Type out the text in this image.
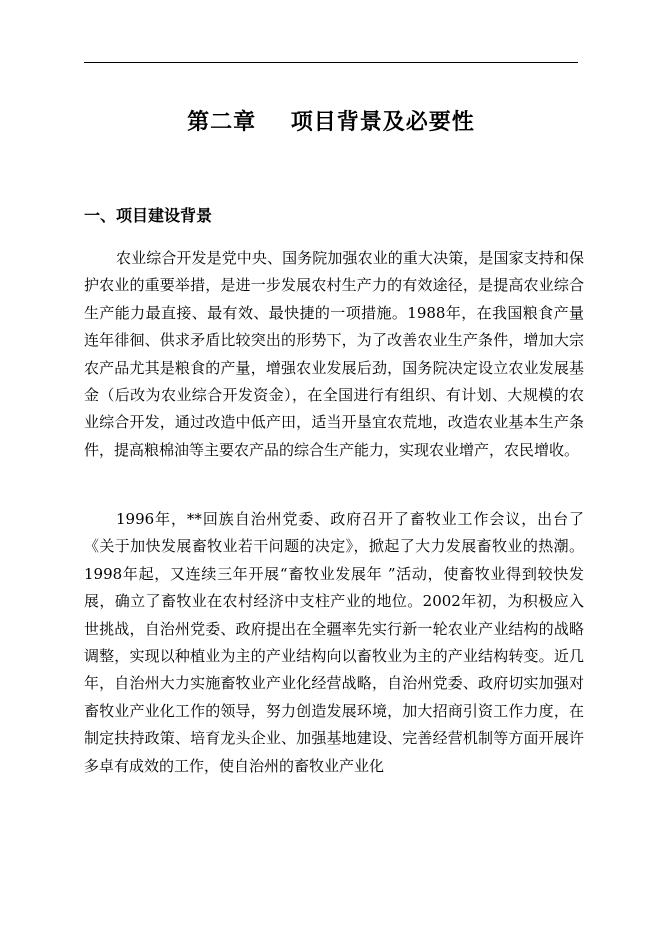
第二章    项目背景及必要性
一、项目建设背景

农业综合开发是党中央、国务院加强农业的重大决策，是国家支持和保护农业的重要举措，是进一步发展农村生产力的有效途径，是提高农业综合生产能力最直接、最有效、最快捷的一项措施。1988年，在我国粮食产量连年徘徊、供求矛盾比较突出的形势下，为了改善农业生产条件，增加大宗农产品尤其是粮食的产量，增强农业发展后劲，国务院决定设立农业发展基金（后改为农业综合开发资金），在全国进行有组织、有计划、大规模的农业综合开发，通过改造中低产田，适当开垦宜农荒地，改造农业基本生产条件，提高粮棉油等主要农产品的综合生产能力，实现农业增产，农民增收。

1996年，**回族自治州党委、政府召开了畜牧业工作会议，出台了《关于加快发展畜牧业若干问题的决定》，掀起了大力发展畜牧业的热潮。1998年起，又连续三年开展“畜牧业发展年 ”活动，使畜牧业得到较快发展，确立了畜牧业在农村经济中支柱产业的地位。2002年初，为积极应入世挑战，自治州党委、政府提出在全疆率先实行新一轮农业产业结构的战略调整，实现以种植业为主的产业结构向以畜牧业为主的产业结构转变。近几年，自治州大力实施畜牧业产业化经营战略，自治州党委、政府切实加强对畜牧业产业化工作的领导，努力创造发展环境，加大招商引资工作力度，在制定扶持政策、培育龙头企业、加强基地建设、完善经营机制等方面开展许多卓有成效的工作，使自治州的畜牧业产业化
